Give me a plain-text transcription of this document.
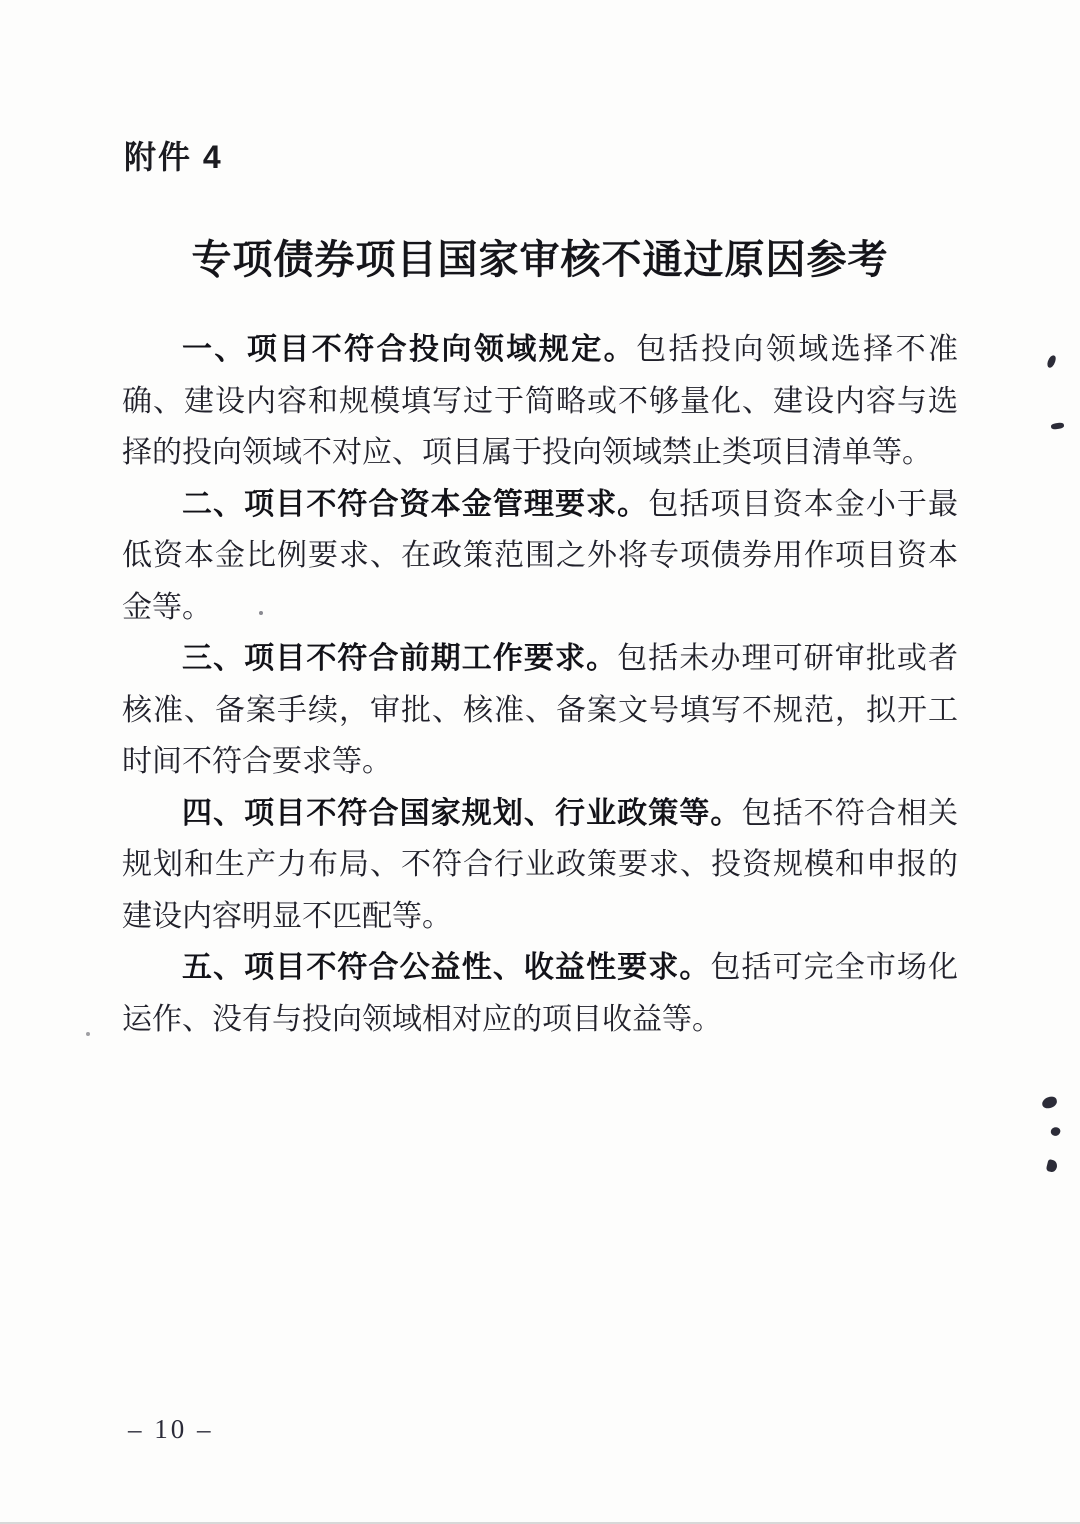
附件 4
专项债券项目国家审核不通过原因参考

一、项目不符合投向领域规定。包括投向领域选择不准确、建设内容和规模填写过于简略或不够量化、建设内容与选择的投向领域不对应、项目属于投向领域禁止类项目清单等。

二、项目不符合资本金管理要求。包括项目资本金小于最低资本金比例要求、在政策范围之外将专项债券用作项目资本金等。

三、项目不符合前期工作要求。包括未办理可研审批或者核准、备案手续，审批、核准、备案文号填写不规范，拟开工时间不符合要求等。

四、项目不符合国家规划、行业政策等。包括不符合相关规划和生产力布局、不符合行业政策要求、投资规模和申报的建设内容明显不匹配等。

五、项目不符合公益性、收益性要求。包括可完全市场化运作、没有与投向领域相对应的项目收益等。

– 10 –
